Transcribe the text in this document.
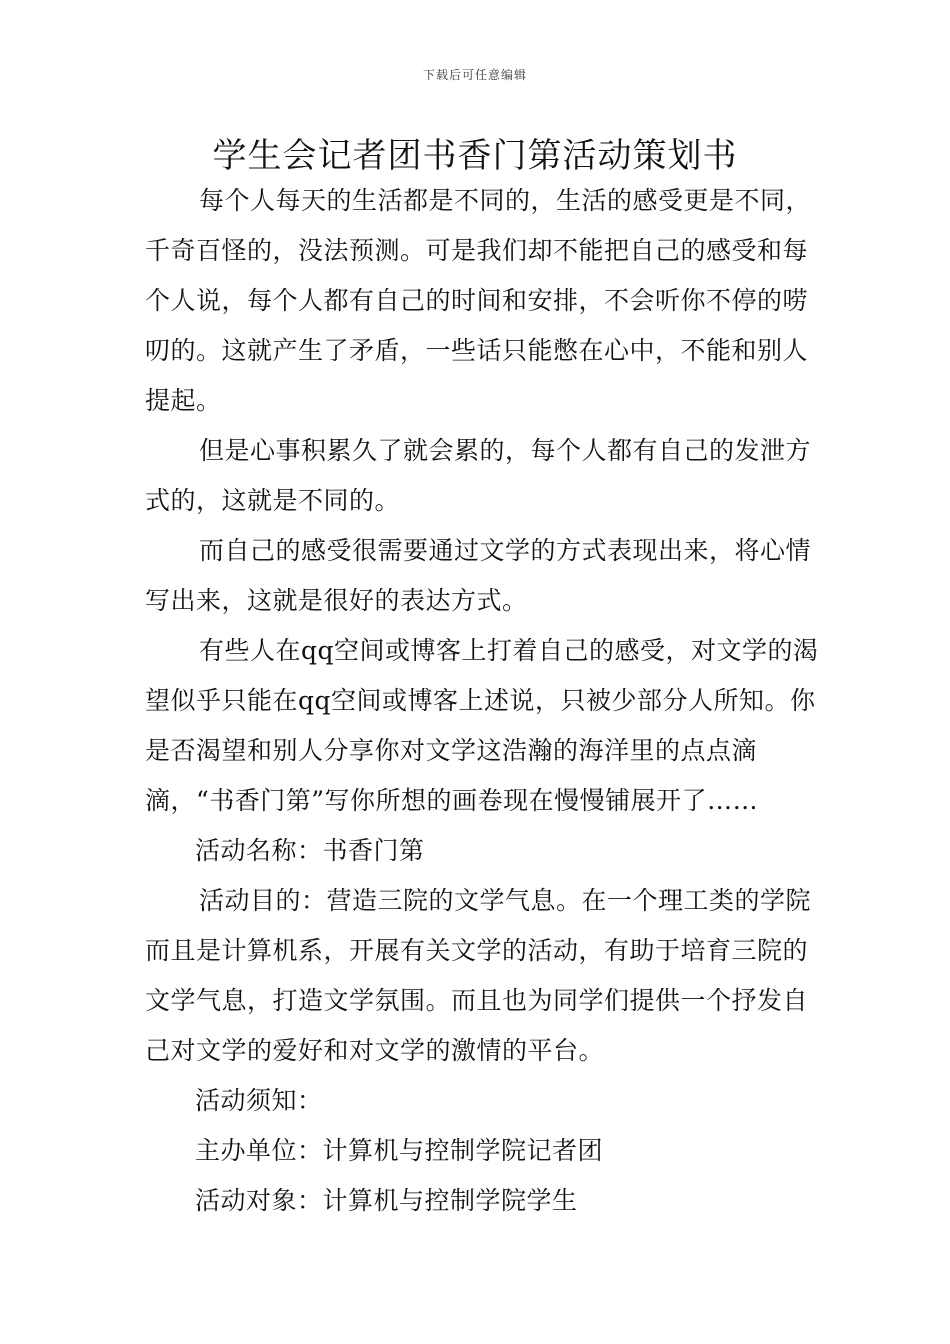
下载后可任意编辑
学生会记者团书香门第活动策划书

每个人每天的生活都是不同的，生活的感受更是不同，千奇百怪的，没法预测。可是我们却不能把自己的感受和每个人说，每个人都有自己的时间和安排，不会听你不停的唠叨的。这就产生了矛盾，一些话只能憋在心中，不能和别人提起。

但是心事积累久了就会累的，每个人都有自己的发泄方式的，这就是不同的。

而自己的感受很需要通过文学的方式表现出来，将心情写出来，这就是很好的表达方式。

有些人在qq空间或博客上打着自己的感受，对文学的渴望似乎只能在qq空间或博客上述说，只被少部分人所知。你是否渴望和别人分享你对文学这浩瀚的海洋里的点点滴滴，“书香门第”写你所想的画卷现在慢慢铺展开了……

活动名称：书香门第

活动目的：营造三院的文学气息。在一个理工类的学院而且是计算机系，开展有关文学的活动，有助于培育三院的文学气息，打造文学氛围。而且也为同学们提供一个抒发自己对文学的爱好和对文学的激情的平台。

活动须知：

主办单位：计算机与控制学院记者团

活动对象：计算机与控制学院学生
